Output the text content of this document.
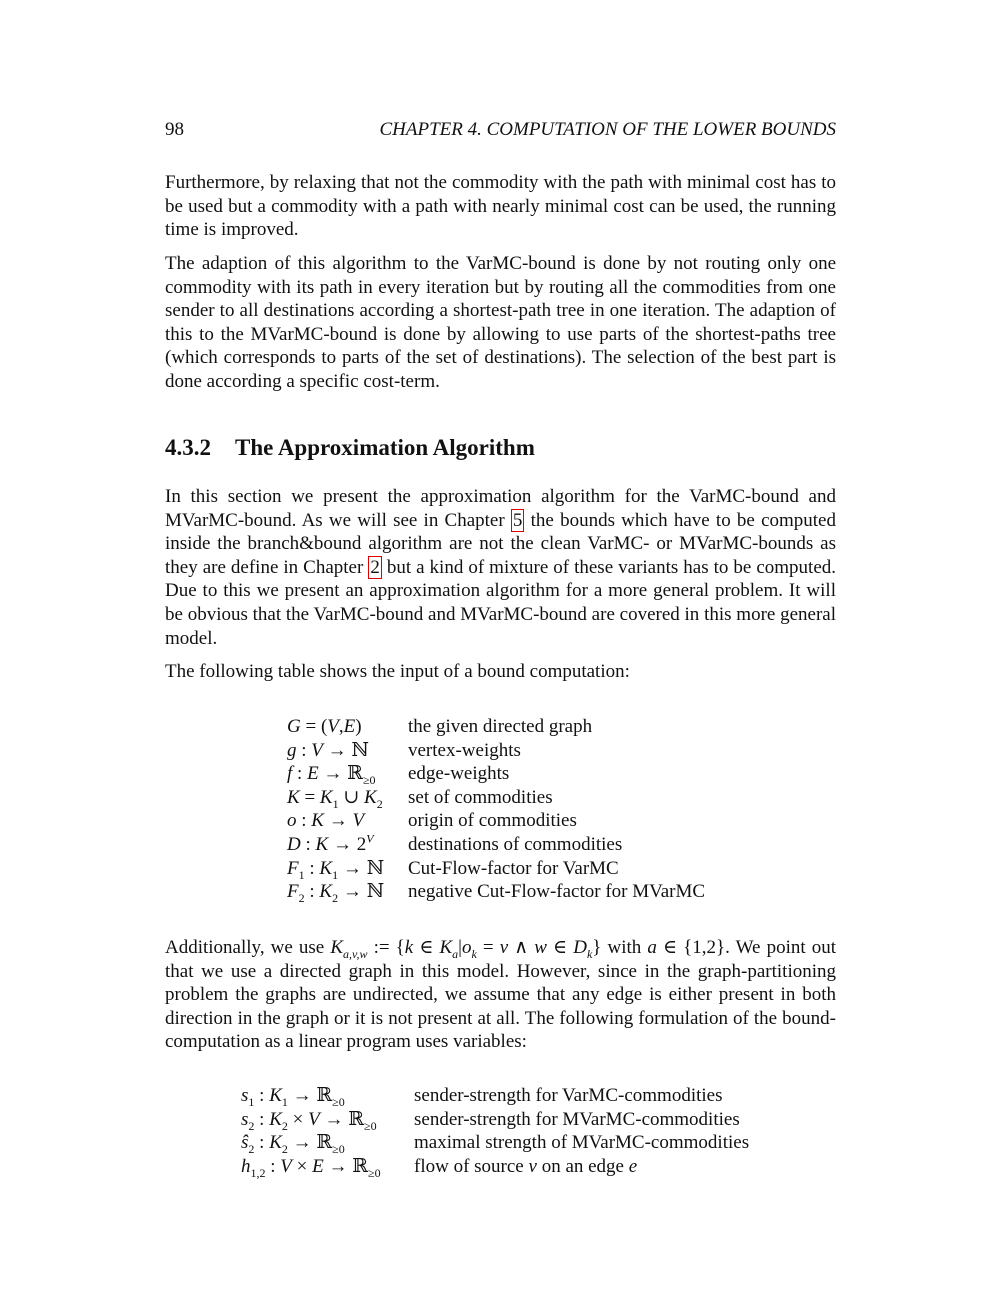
98	CHAPTER 4. COMPUTATION OF THE LOWER BOUNDS

Furthermore, by relaxing that not the commodity with the path with minimal cost has to be used but a commodity with a path with nearly minimal cost can be used, the running time is improved.

The adaption of this algorithm to the VarMC-bound is done by not routing only one commodity with its path in every iteration but by routing all the commodities from one sender to all destinations according a shortest-path tree in one iteration. The adaption of this to the MVarMC-bound is done by allowing to use parts of the shortest-paths tree (which corresponds to parts of the set of destinations). The selection of the best part is done according a specific cost-term.

4.3.2 The Approximation Algorithm

In this section we present the approximation algorithm for the VarMC-bound and MVarMC-bound. As we will see in Chapter 5 the bounds which have to be computed inside the branch&bound algorithm are not the clean VarMC- or MVarMC-bounds as they are define in Chapter 2 but a kind of mixture of these variants has to be computed. Due to this we present an approximation algorithm for a more general problem. It will be obvious that the VarMC-bound and MVarMC-bound are covered in this more general model.

The following table shows the input of a bound computation:

G = (V,E)	the given directed graph
g : V → ℕ	vertex-weights
f : E → ℝ$_{\ge 0}$	edge-weights
$K = K_1$ ∪ $K_2$	set of commodities
o : K → V	origin of commodities
D : $K \to 2^V$	destinations of commodities
$F_1$ : $K_1$ → ℕ	Cut-Flow-factor for VarMC
$F_2$ : $K_2$ → ℕ	negative Cut-Flow-factor for MVarMC

Additionally, we use $K_{a,v,w}$ := {k ∈ $K_a|o_k = v$ ∧ w ∈ $D_k$} with a ∈ {1,2}. We point out that we use a directed graph in this model. However, since in the graph-partitioning problem the graphs are undirected, we assume that any edge is either present in both direction in the graph or it is not present at all. The following formulation of the bound-computation as a linear program uses variables:

$s_1$ : $K_1$ → ℝ$_{\ge 0}$	sender-strength for VarMC-commodities
$s_2$ : $K_2 \times V$ → ℝ$_{\ge 0}$	sender-strength for MVarMC-commodities
$ŝ_2$ : $K_2$ → ℝ$_{\ge 0}$	maximal strength of MVarMC-commodities
$h_{1,2}$ : V × E → ℝ$_{\ge 0}$	flow of source v on an edge e
